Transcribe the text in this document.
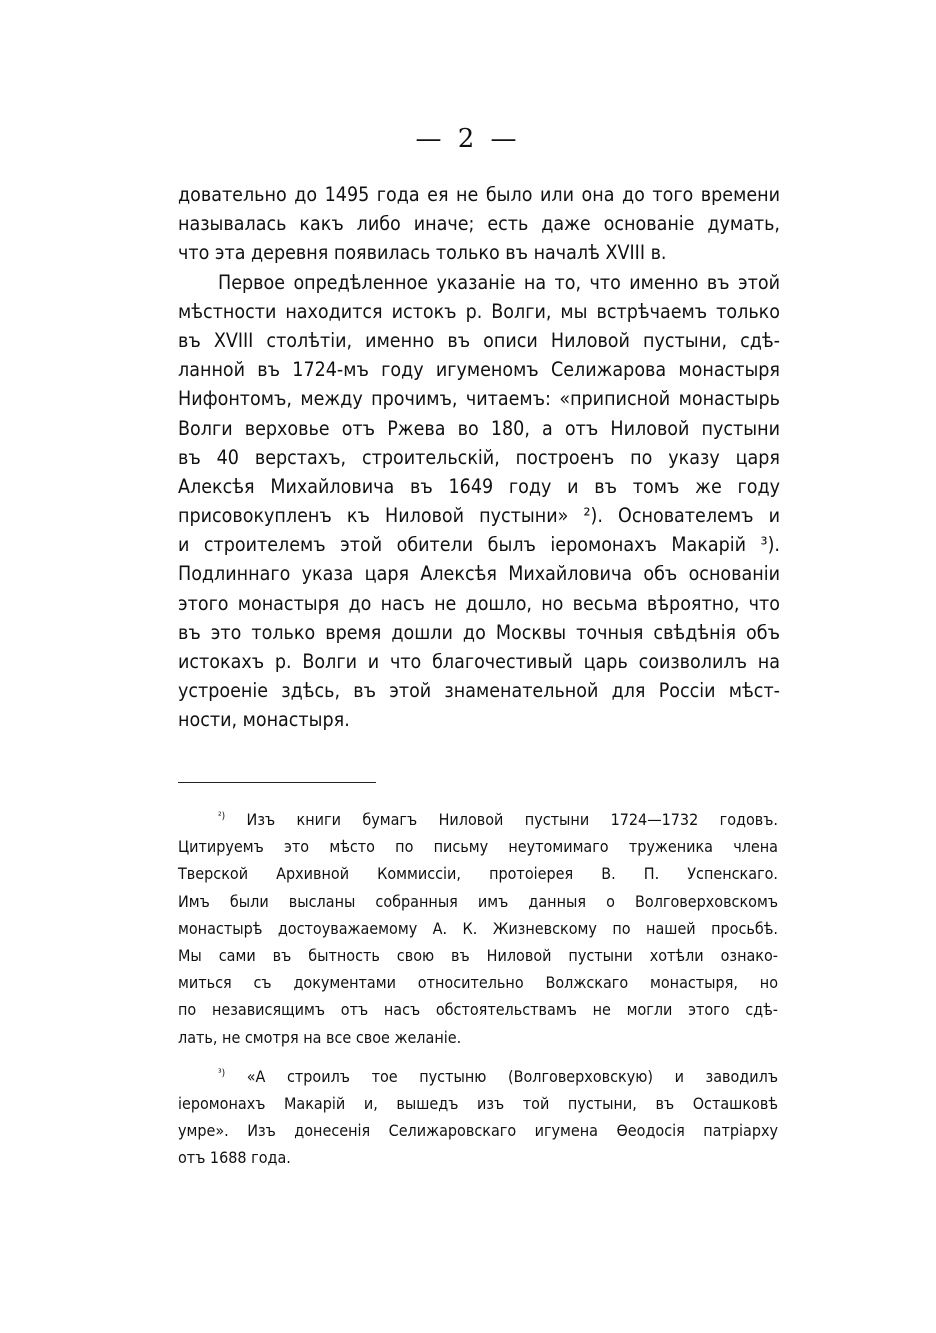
— 2 —
довательно до 1495 года ея не было или она до того времени
называлась какъ либо иначе; есть даже основаніе думать,
что эта деревня появилась только въ началѣ XVIII в.
Первое опредѣленное указаніе на то, что именно въ этой
мѣстности находится истокъ р. Волги, мы встрѣчаемъ только
въ XVIII столѣтіи, именно въ описи Ниловой пустыни, сдѣ-
ланной въ 1724-мъ году игуменомъ Селижарова монастыря
Нифонтомъ, между прочимъ, читаемъ: «приписной монастырь
Волги верховье отъ Ржева во 180, а отъ Ниловой пустыни
въ 40 верстахъ, строительскій, построенъ по указу царя
Алексѣя Михайловича въ 1649 году и въ томъ же году
присовокупленъ къ Ниловой пустыни» ²). Основателемъ и
и строителемъ этой обители былъ іеромонахъ Макарій ³).
Подлиннаго указа царя Алексѣя Михайловича объ основаніи
этого монастыря до насъ не дошло, но весьма вѣроятно, что
въ это только время дошли до Москвы точныя свѣдѣнія объ
истокахъ р. Волги и что благочестивый царь соизволилъ на
устроеніе здѣсь, въ этой знаменательной для Россіи мѣст-
ности, монастыря.
$^{^2)}$ Изъ книги бумагъ Ниловой пустыни 1724—1732 годовъ.
Цитируемъ это мѣсто по письму неутомимаго труженика члена
Тверской Архивной Коммиссіи, протоіерея В. П. Успенскаго.
Имъ были высланы собранныя имъ данныя о Волговерховскомъ
монастырѣ достоуважаемому А. К. Жизневскому по нашей просьбѣ.
Мы сами въ бытность свою въ Ниловой пустыни хотѣли ознако-
миться съ документами относительно Волжскаго монастыря, но
по независящимъ отъ насъ обстоятельствамъ не могли этого сдѣ-
лать, не смотря на все свое желаніе.
$^{^3)}$ «А строилъ тое пустыню (Волговерховскую) и заводилъ
іеромонахъ Макарій и, вышедъ изъ той пустыни, въ Осташковѣ
умре». Изъ донесенія Селижаровскаго игумена Ѳеодосія патріарху
отъ 1688 года.
